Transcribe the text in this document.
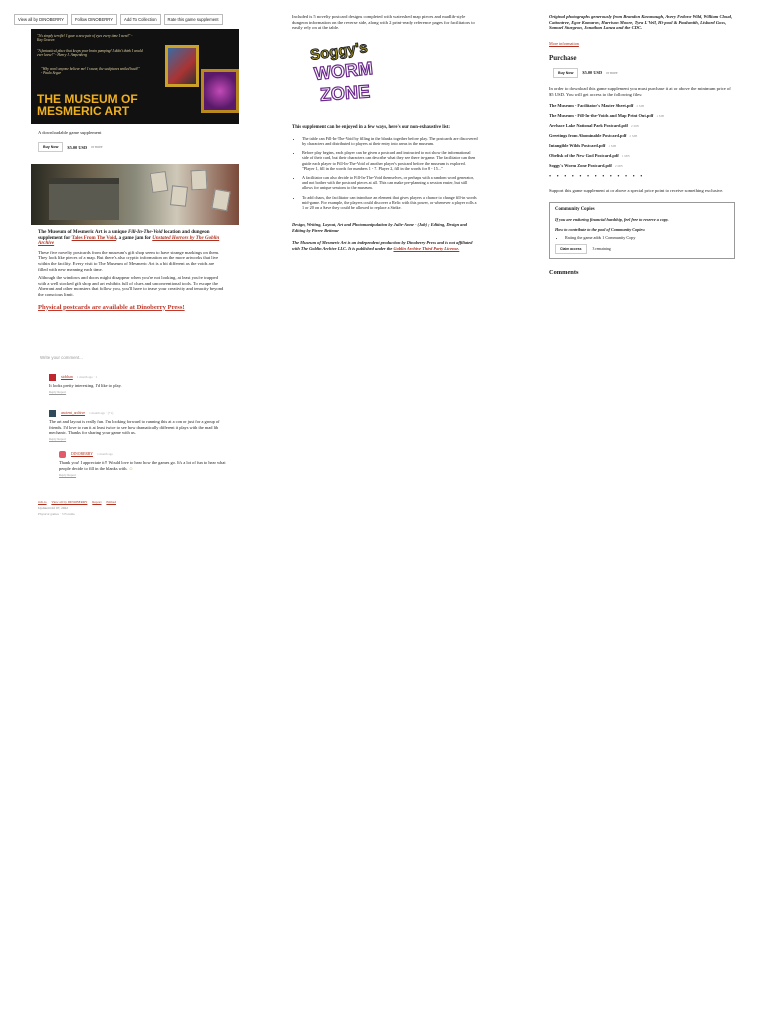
View all by DINOBERRY	Follow DINOBERRY	Add To Collection	Rate this game supplement
"It's simply terrific! I gave a new pair of eyes every time I went!" - Kay Gracen
"A fantastical place that keeps your brain pumping! I didn't think I would ever leave!" - Henry J. Ampenberg
"Why won't anyone believe me! I swear, the sculptures smiled back!" - Paulo Segar
THE MUSEUM OF MESMERIC ART
A downloadable game supplement
Buy Now	$5.00 USD or more
The Museum of Mesmeric Art is a unique Fill-In-The-Void location and dungeon supplement for Tales From The Void, a game jam for Unstated Horrors by The Goblin Archive
These five novelty postcards from the museum's gift shop seem to have strange markings on them. They look like pieces of a map. But there's also cryptic information on the more artworks that live within the facility. Every visit to The Museum of Mesmeric Art is a bit different as the voids are filled with new meaning each time.
Although the windows and doors might disappear when you're not looking, at least you're trapped with a well stocked gift shop and art exhibits full of clues and unconventional tools. To escape the Aberrant and other monsters that follow you, you'll have to tease your creativity and tenacity beyond the conscious limit.
Physical postcards are available at Dinoberry Press!
Write your comment...
siobhan 1 month ago · 1
It looks pretty interesting. I'd like to play.
Reply Report
ancient_archive 1 month ago · (+1)
The art and layout is really fun. I'm looking forward to running this at a con or just for a group of friends. I'd love to run it at least twice to see how dramatically different it plays with the mad lib mechanic. Thanks for sharing your game with us.
Reply Report
DINOBERRY 1 month ago
Thank you! I appreciate it!! Would love to hear how the games go. It's a lot of fun to hear what people decide to fill in the blanks with. ☺
Reply Report
itch.io View all by DINOBERRY Report Embed
Updated Oct 07, 2022
Physical games · 5 Forums
Included is 5 novelty postcard designs completed with watershed map pieces and madlib-style dungeon information on the reverse side, along with 2 print-ready reference pages for facilitators to easily rely on at the table.
Soggy's
WORM
ZONE
This supplement can be enjoyed in a few ways, here's our non-exhaustive list:
• The table can Fill-In-The-Void by filling in the blanks together before play. The postcards are discovered by characters and distributed to players at their entry into areas in the museum.
• Before play begins, each player can be given a postcard and instructed to not show the informational side of their card, but their characters can describe what they see there in-game. The facilitator can then guide each player to Fill-In-The-Void of another player's postcard before the museum is explored. "Player 1, fill in the words for numbers 1 - 7. Player 2, fill in the words for 8 - 15..."
• A facilitator can also decide to Fill-In-The-Void themselves, or perhaps with a random word generator, and not bother with the postcard pieces at all. This can make pre-planning a session easier, but still allows for unique sessions to the museum.
• To add chaos, the facilitator can introduce an element that gives players a chance to change fill-in words mid-game. For example, the players could discover a Relic with this power, or whenever a player rolls a 1 or 20 on a Save they could be allowed to replace a Strike.
Design, Writing, Layout, Art and Photomanipulation by Julie-Anne - (Jab) ; Editing, Design and Editing by Pierre Betimur
The Museum of Mesmeric Art is an independent production by Dinoberry Press and is not affiliated with The Goblin Archive LLC. It is published under the Goblin Archive Third Party License.
Original photographs generously from Brandon Kavanaugh, Avery Fedora-Wild, William Cloud, Cattontree, Egor Komarov, Harrison Moore, Tyra L'Vell, Hi-pool & Paulsmith, Lisbard Goss, Samuel Sturgeon, Jonathan Lanza and the CDC.
More information
Purchase
Buy Now	$5.00 USD or more
In order to download this game supplement you must purchase it at or above the minimum price of $5 USD. You will get access to the following files:
The Museum - Facilitator's Master Sheet.pdf 2 MB
The Museum - Fill-In-the-Voids and Map Print Out.pdf 1 MB
Arrhace Lake National Park Postcard.pdf 2 MB
Greetings from Abominable Postcard.pdf 2 MB
Intangible Wilds Postcard.pdf 1 MB
Obelisk of the New God Postcard.pdf 1 MB
Soggy's Worm Zone Postcard.pdf 2 MB
• • • • • • • • • • • • •
Support this game supplement at or above a special price point to receive something exclusive.
Community Copies
If you are enduring financial hardship, feel free to reserve a copy.
How to contribute to the pool of Community Copies:
• Rating the game adds 1 Community Copy
Claim access	3 remaining
Comments
